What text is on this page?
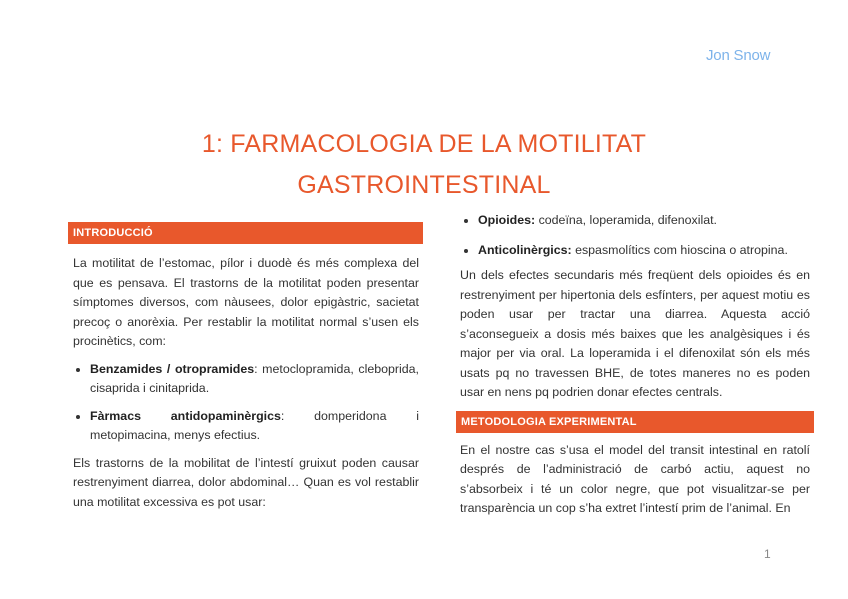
Jon Snow
1: FARMACOLOGIA DE LA MOTILITAT
GASTROINTESTINAL
INTRODUCCIÓ

La motilitat de l’estomac, pílor i duodè és més complexa del que es pensava. El trastorns de la motilitat poden presentar símptomes diversos, com nàusees, dolor epigàstric, sacietat precoç o anorèxia. Per restablir la motilitat normal s’usen els procinètics, com:

• Benzamides / otropramides: metoclopramida, cleboprida, cisaprida i cinitaprida.
• Fàrmacs antidopaminèrgics: domperidona i metopimacina, menys efectius.

Els trastorns de la mobilitat de l’intestí gruixut poden causar restrenyiment diarrea, dolor abdominal… Quan es vol restablir una motilitat excessiva es pot usar:

• Opioides: codeïna, loperamida, difenoxilat.
• Anticolinèrgics: espasmolítics com hioscina o atropina.

Un dels efectes secundaris més freqüent dels opioides és en restrenyiment per hipertonia dels esfínters, per aquest motiu es poden usar per tractar una diarrea. Aquesta acció s’aconsegueix a dosis més baixes que les analgèsiques i és major per via oral. La loperamida i el difenoxilat són els més usats pq no travessen BHE, de totes maneres no es poden usar en nens pq podrien donar efectes centrals.

METODOLOGIA EXPERIMENTAL

En el nostre cas s’usa el model del transit intestinal en ratolí després de l’administració de carbó actiu, aquest no s’absorbeix i té un color negre, que pot visualitzar-se per transparència un cop s’ha extret l’intestí prim de l’animal. En

1
